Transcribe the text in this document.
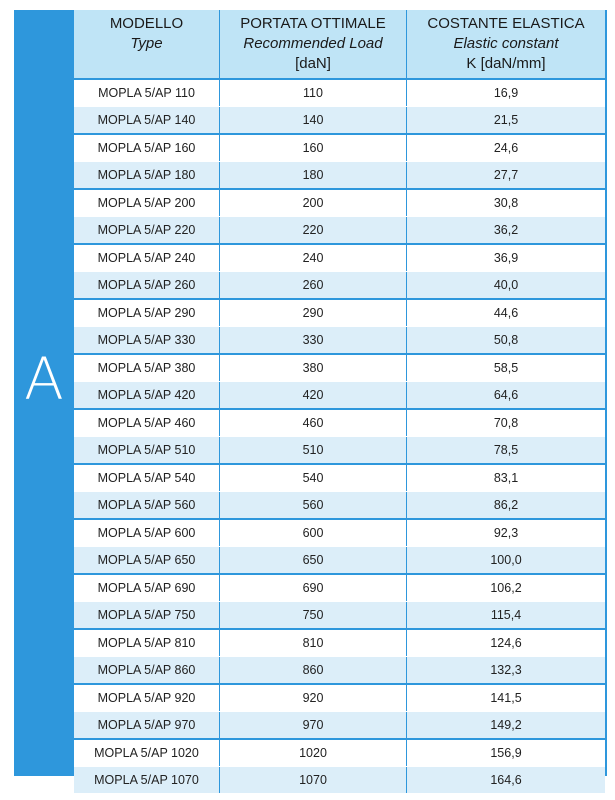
A
MODELLO
Type
PORTATA OTTIMALE
Recommended Load
[daN]
COSTANTE ELASTICA
Elastic constant
K [daN/mm]
MOPLA 5/AP 110	110	16,9
MOPLA 5/AP 140	140	21,5
MOPLA 5/AP 160	160	24,6
MOPLA 5/AP 180	180	27,7
MOPLA 5/AP 200	200	30,8
MOPLA 5/AP 220	220	36,2
MOPLA 5/AP 240	240	36,9
MOPLA 5/AP 260	260	40,0
MOPLA 5/AP 290	290	44,6
MOPLA 5/AP 330	330	50,8
MOPLA 5/AP 380	380	58,5
MOPLA 5/AP 420	420	64,6
MOPLA 5/AP 460	460	70,8
MOPLA 5/AP 510	510	78,5
MOPLA 5/AP 540	540	83,1
MOPLA 5/AP 560	560	86,2
MOPLA 5/AP 600	600	92,3
MOPLA 5/AP 650	650	100,0
MOPLA 5/AP 690	690	106,2
MOPLA 5/AP 750	750	115,4
MOPLA 5/AP 810	810	124,6
MOPLA 5/AP 860	860	132,3
MOPLA 5/AP 920	920	141,5
MOPLA 5/AP 970	970	149,2
MOPLA 5/AP 1020	1020	156,9
MOPLA 5/AP 1070	1070	164,6
